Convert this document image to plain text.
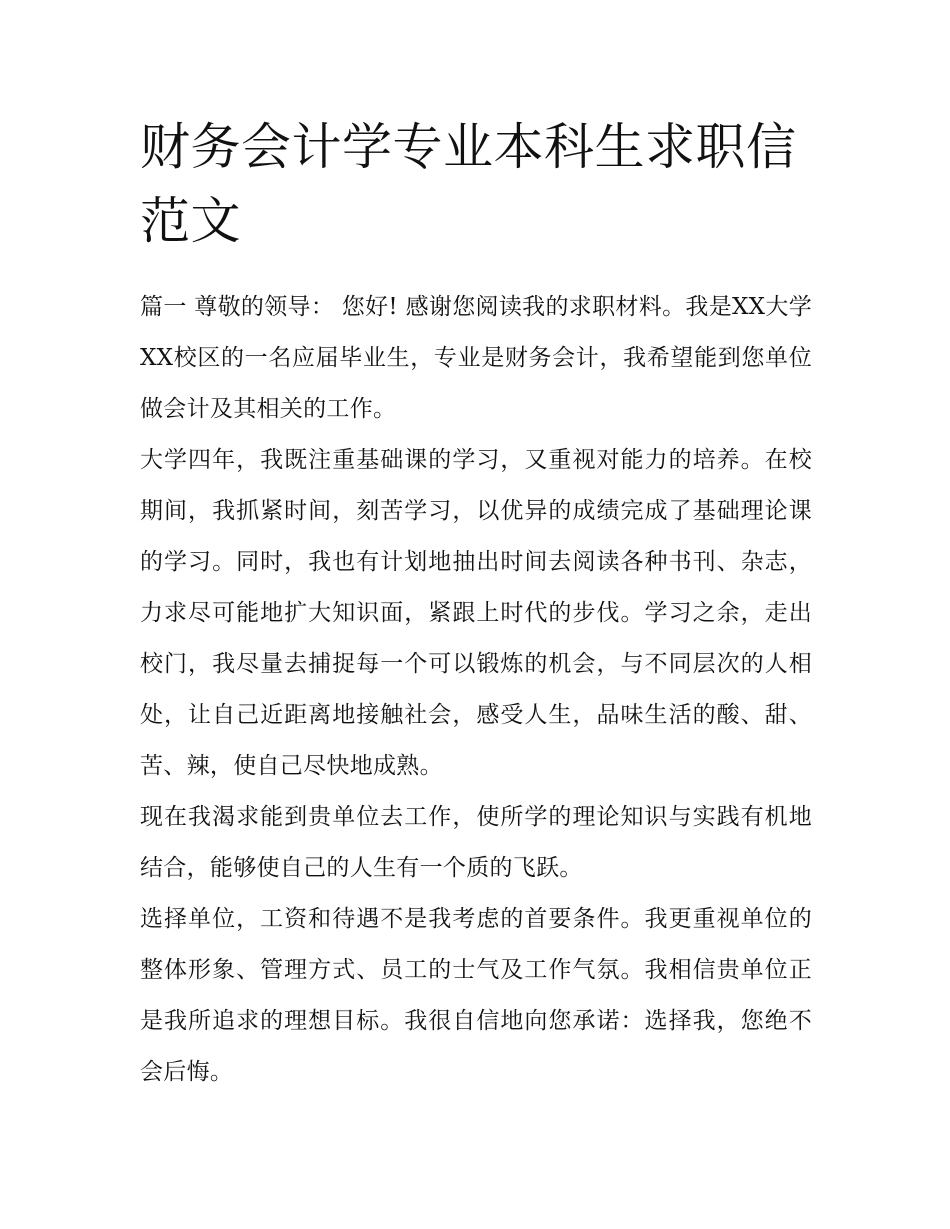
财务会计学专业本科生求职信范文

篇一 尊敬的领导： 您好! 感谢您阅读我的求职材料。我是XX大学XX校区的一名应届毕业生，专业是财务会计，我希望能到您单位做会计及其相关的工作。

大学四年，我既注重基础课的学习，又重视对能力的培养。在校期间，我抓紧时间，刻苦学习，以优异的成绩完成了基础理论课的学习。同时，我也有计划地抽出时间去阅读各种书刊、杂志，力求尽可能地扩大知识面，紧跟上时代的步伐。学习之余，走出校门，我尽量去捕捉每一个可以锻炼的机会，与不同层次的人相处，让自己近距离地接触社会，感受人生，品味生活的酸、甜、苦、辣，使自己尽快地成熟。

现在我渴求能到贵单位去工作，使所学的理论知识与实践有机地结合，能够使自己的人生有一个质的飞跃。

选择单位，工资和待遇不是我考虑的首要条件。我更重视单位的整体形象、管理方式、员工的士气及工作气氛。我相信贵单位正是我所追求的理想目标。我很自信地向您承诺：选择我，您绝不会后悔。
